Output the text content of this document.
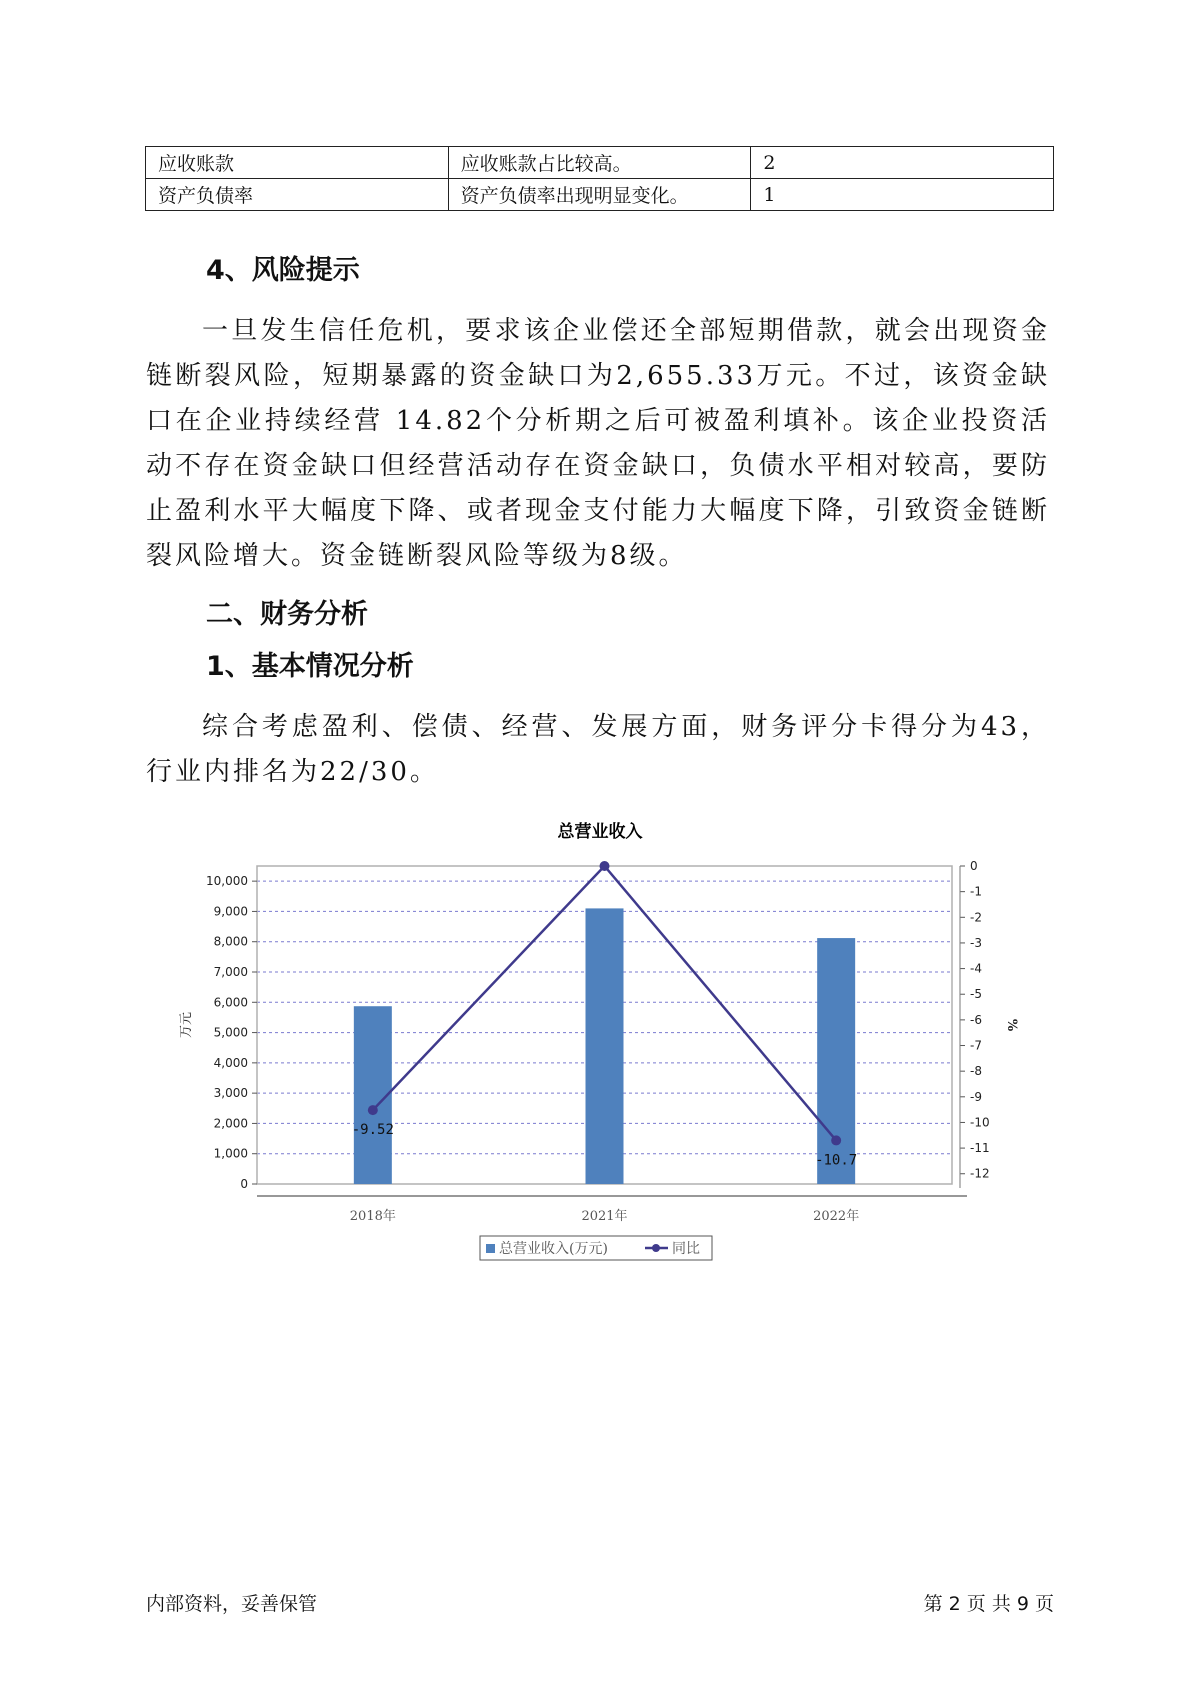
应收账款	应收账款占比较高。	2
资产负债率	资产负债率出现明显变化。	1
4、风险提示
一旦发生信任危机，要求该企业偿还全部短期借款，就会出现资金链断裂风险，短期暴露的资金缺口为2,655.33万元。不过，该资金缺口在企业持续经营 14.82个分析期之后可被盈利填补。该企业投资活动不存在资金缺口但经营活动存在资金缺口，负债水平相对较高，要防止盈利水平大幅度下降、或者现金支付能力大幅度下降，引致资金链断裂风险增大。资金链断裂风险等级为8级。
二、财务分析
1、基本情况分析
综合考虑盈利、偿债、经营、发展方面，财务评分卡得分为43，行业内排名为22/30。
总营业收入
0
1,000
2,000
3,000
4,000
5,000
6,000
7,000
8,000
9,000
10,000
0
-1
-2
-3
-4
-5
-6
-7
-8
-9
-10
-11
-12
万元	%
2018年	2021年	2022年
-9.52
-10.7
总营业收入(万元)	同比
内部资料，妥善保管	第 2 页 共 9 页
